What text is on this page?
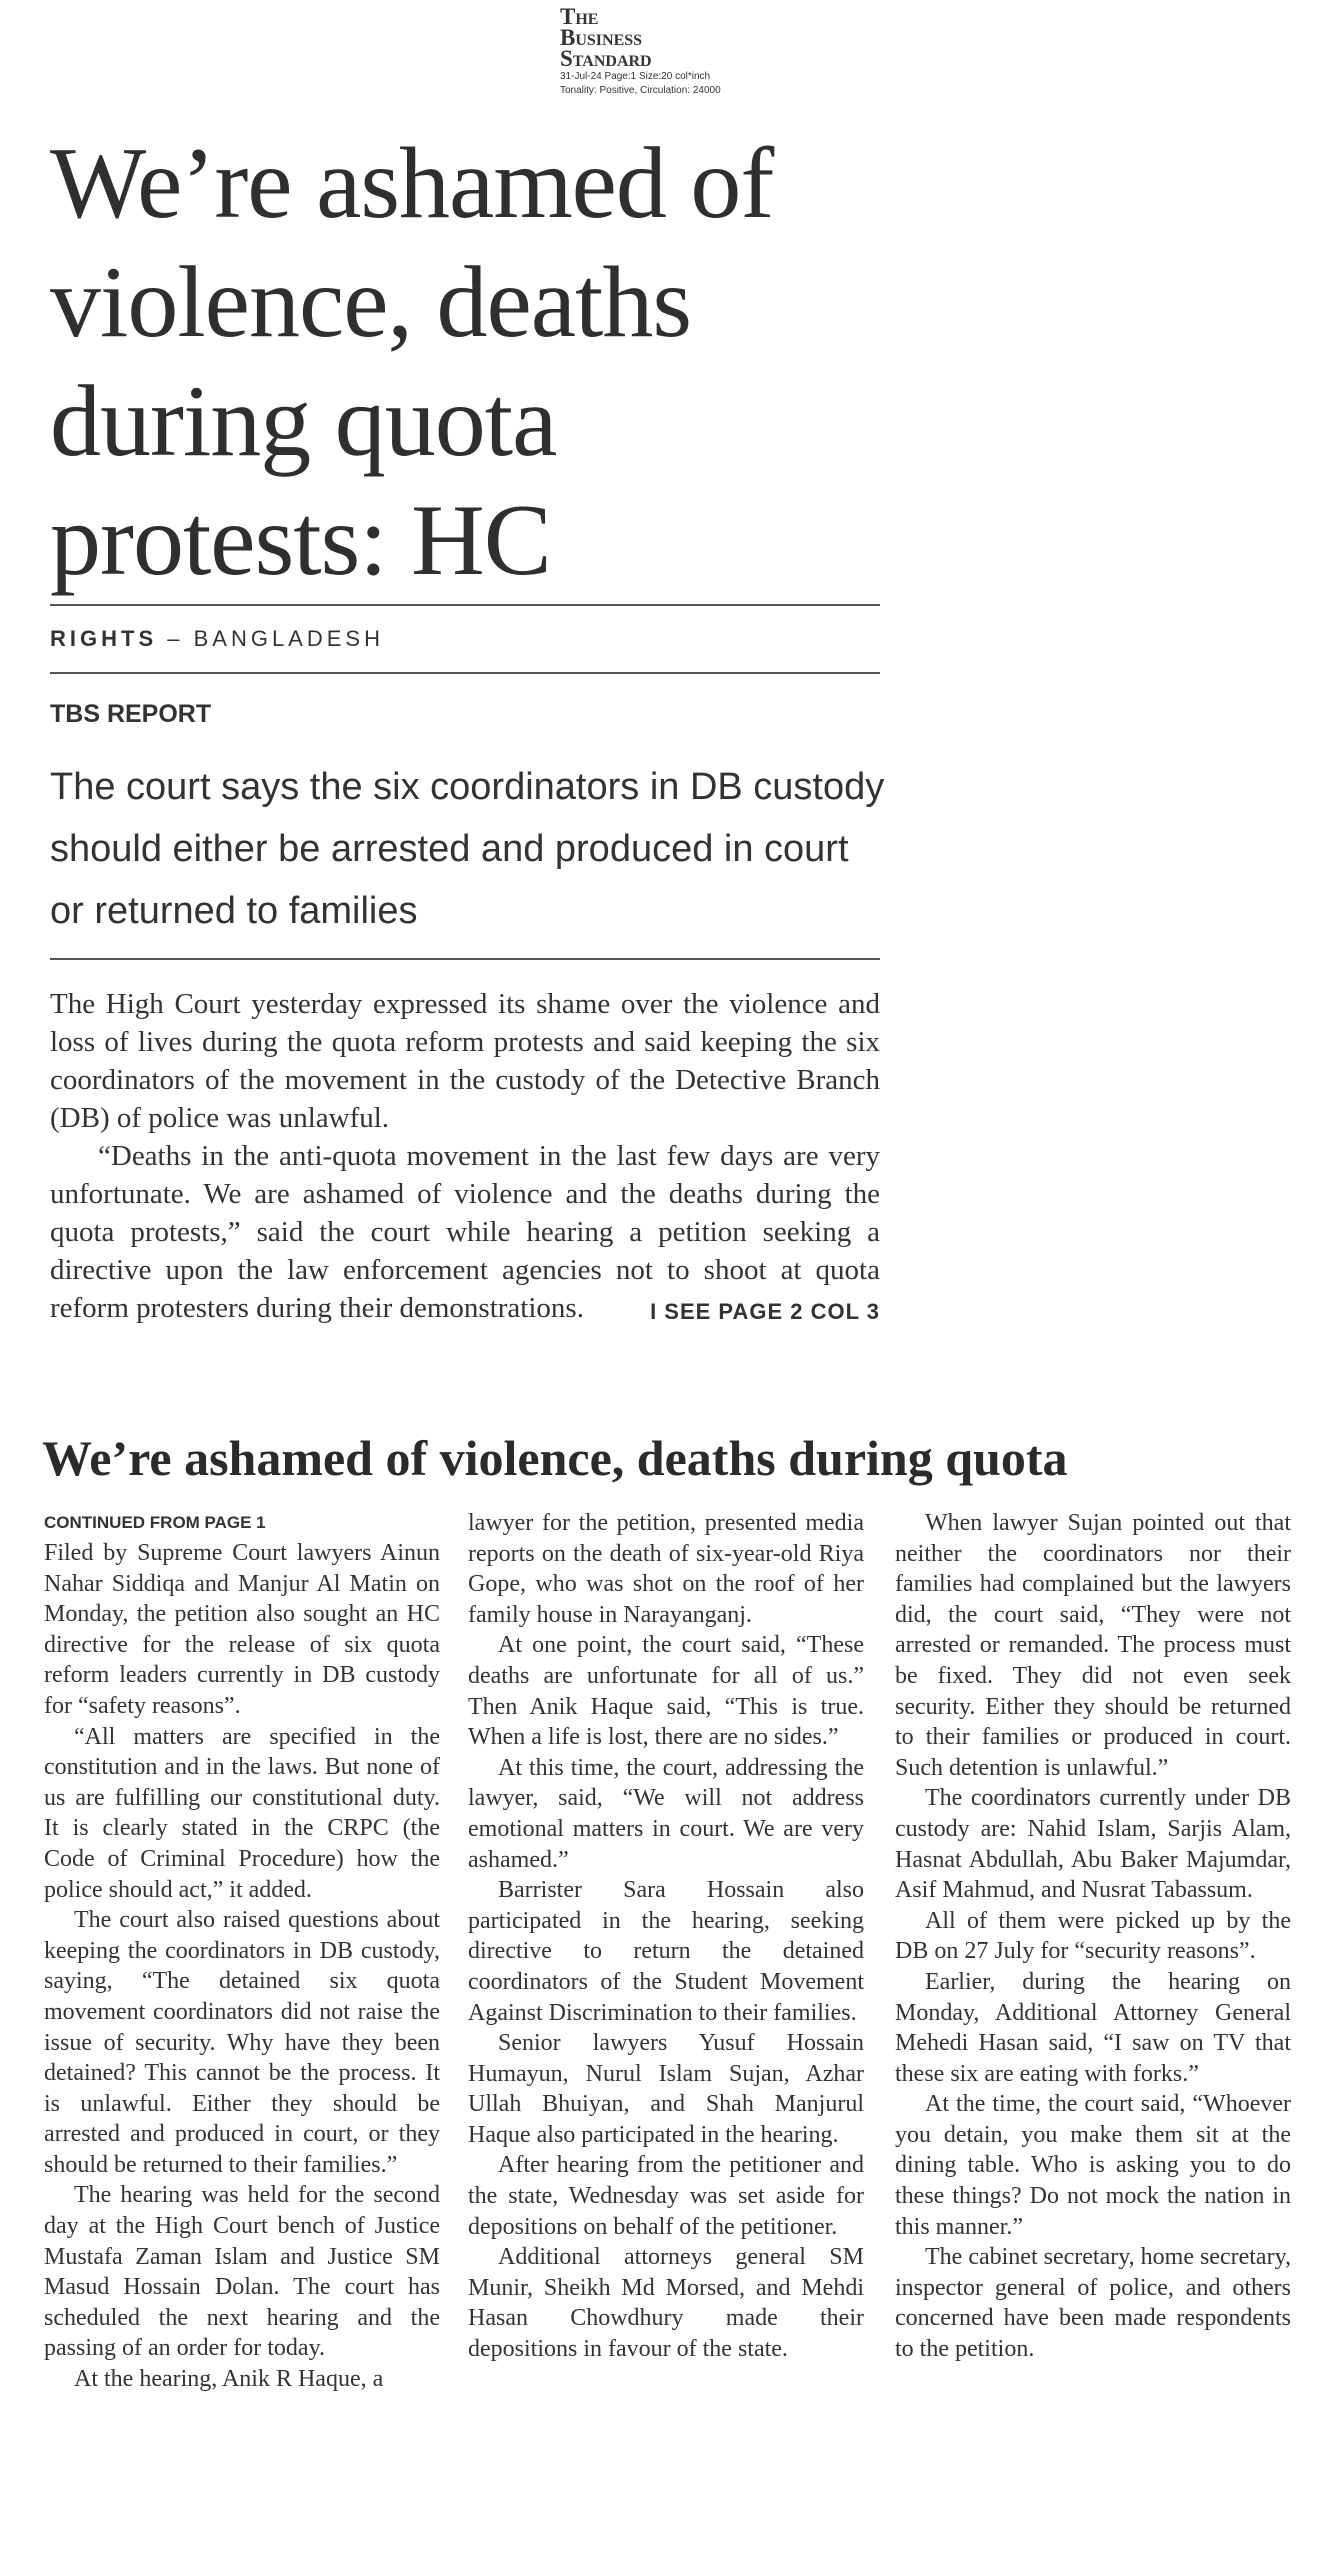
The
Business
Standard
31-Jul-24 Page:1 Size:20 col*inch
Tonality: Positive, Circulation: 24000
We’re ashamed of violence, deaths during quota protests: HC
RIGHTS – BANGLADESH
TBS REPORT
The court says the six coordinators in DB custody should either be arrested and produced in court or returned to families

The High Court yesterday expressed its shame over the violence and loss of lives during the quota reform protests and said keeping the six coordinators of the movement in the custody of the Detective Branch (DB) of police was unlawful.

“Deaths in the anti-quota movement in the last few days are very unfortunate. We are ashamed of violence and the deaths during the quota protests,” said the court while hearing a petition seeking a directive upon the law enforcement agencies not to shoot at quota reform protesters during their demonstrations.	I SEE PAGE 2 COL 3

We’re ashamed of violence, deaths during quota
CONTINUED FROM PAGE 1

Filed by Supreme Court lawyers Ainun Nahar Siddiqa and Manjur Al Matin on Monday, the petition also sought an HC directive for the release of six quota reform leaders currently in DB custody for “safety reasons”.

“All matters are specified in the constitution and in the laws. But none of us are fulfilling our constitutional duty. It is clearly stated in the CRPC (the Code of Criminal Procedure) how the police should act,” it added.

The court also raised questions about keeping the coordinators in DB custody, saying, “The detained six quota movement coordinators did not raise the issue of security. Why have they been detained? This cannot be the process. It is unlawful. Either they should be arrested and produced in court, or they should be returned to their families.”

The hearing was held for the second day at the High Court bench of Justice Mustafa Zaman Islam and Justice SM Masud Hossain Dolan. The court has scheduled the next hearing and the passing of an order for today.

At the hearing, Anik R Haque, a

lawyer for the petition, presented media reports on the death of six-year-old Riya Gope, who was shot on the roof of her family house in Narayanganj.

At one point, the court said, “These deaths are unfortunate for all of us.” Then Anik Haque said, “This is true. When a life is lost, there are no sides.”

At this time, the court, addressing the lawyer, said, “We will not address emotional matters in court. We are very ashamed.”

Barrister Sara Hossain also participated in the hearing, seeking directive to return the detained coordinators of the Student Movement Against Discrimination to their families.

Senior lawyers Yusuf Hossain Humayun, Nurul Islam Sujan, Azhar Ullah Bhuiyan, and Shah Manjurul Haque also participated in the hearing.

After hearing from the petitioner and the state, Wednesday was set aside for depositions on behalf of the petitioner.

Additional attorneys general SM Munir, Sheikh Md Morsed, and Mehdi Hasan Chowdhury made their depositions in favour of the state.

When lawyer Sujan pointed out that neither the coordinators nor their families had complained but the lawyers did, the court said, “They were not arrested or remanded. The process must be fixed. They did not even seek security. Either they should be returned to their families or produced in court. Such detention is unlawful.”

The coordinators currently under DB custody are: Nahid Islam, Sarjis Alam, Hasnat Abdullah, Abu Baker Majumdar, Asif Mahmud, and Nusrat Tabassum.

All of them were picked up by the DB on 27 July for “security reasons”.

Earlier, during the hearing on Monday, Additional Attorney General Mehedi Hasan said, “I saw on TV that these six are eating with forks.”

At the time, the court said, “Whoever you detain, you make them sit at the dining table. Who is asking you to do these things? Do not mock the nation in this manner.”

The cabinet secretary, home secretary, inspector general of police, and others concerned have been made respondents to the petition.
